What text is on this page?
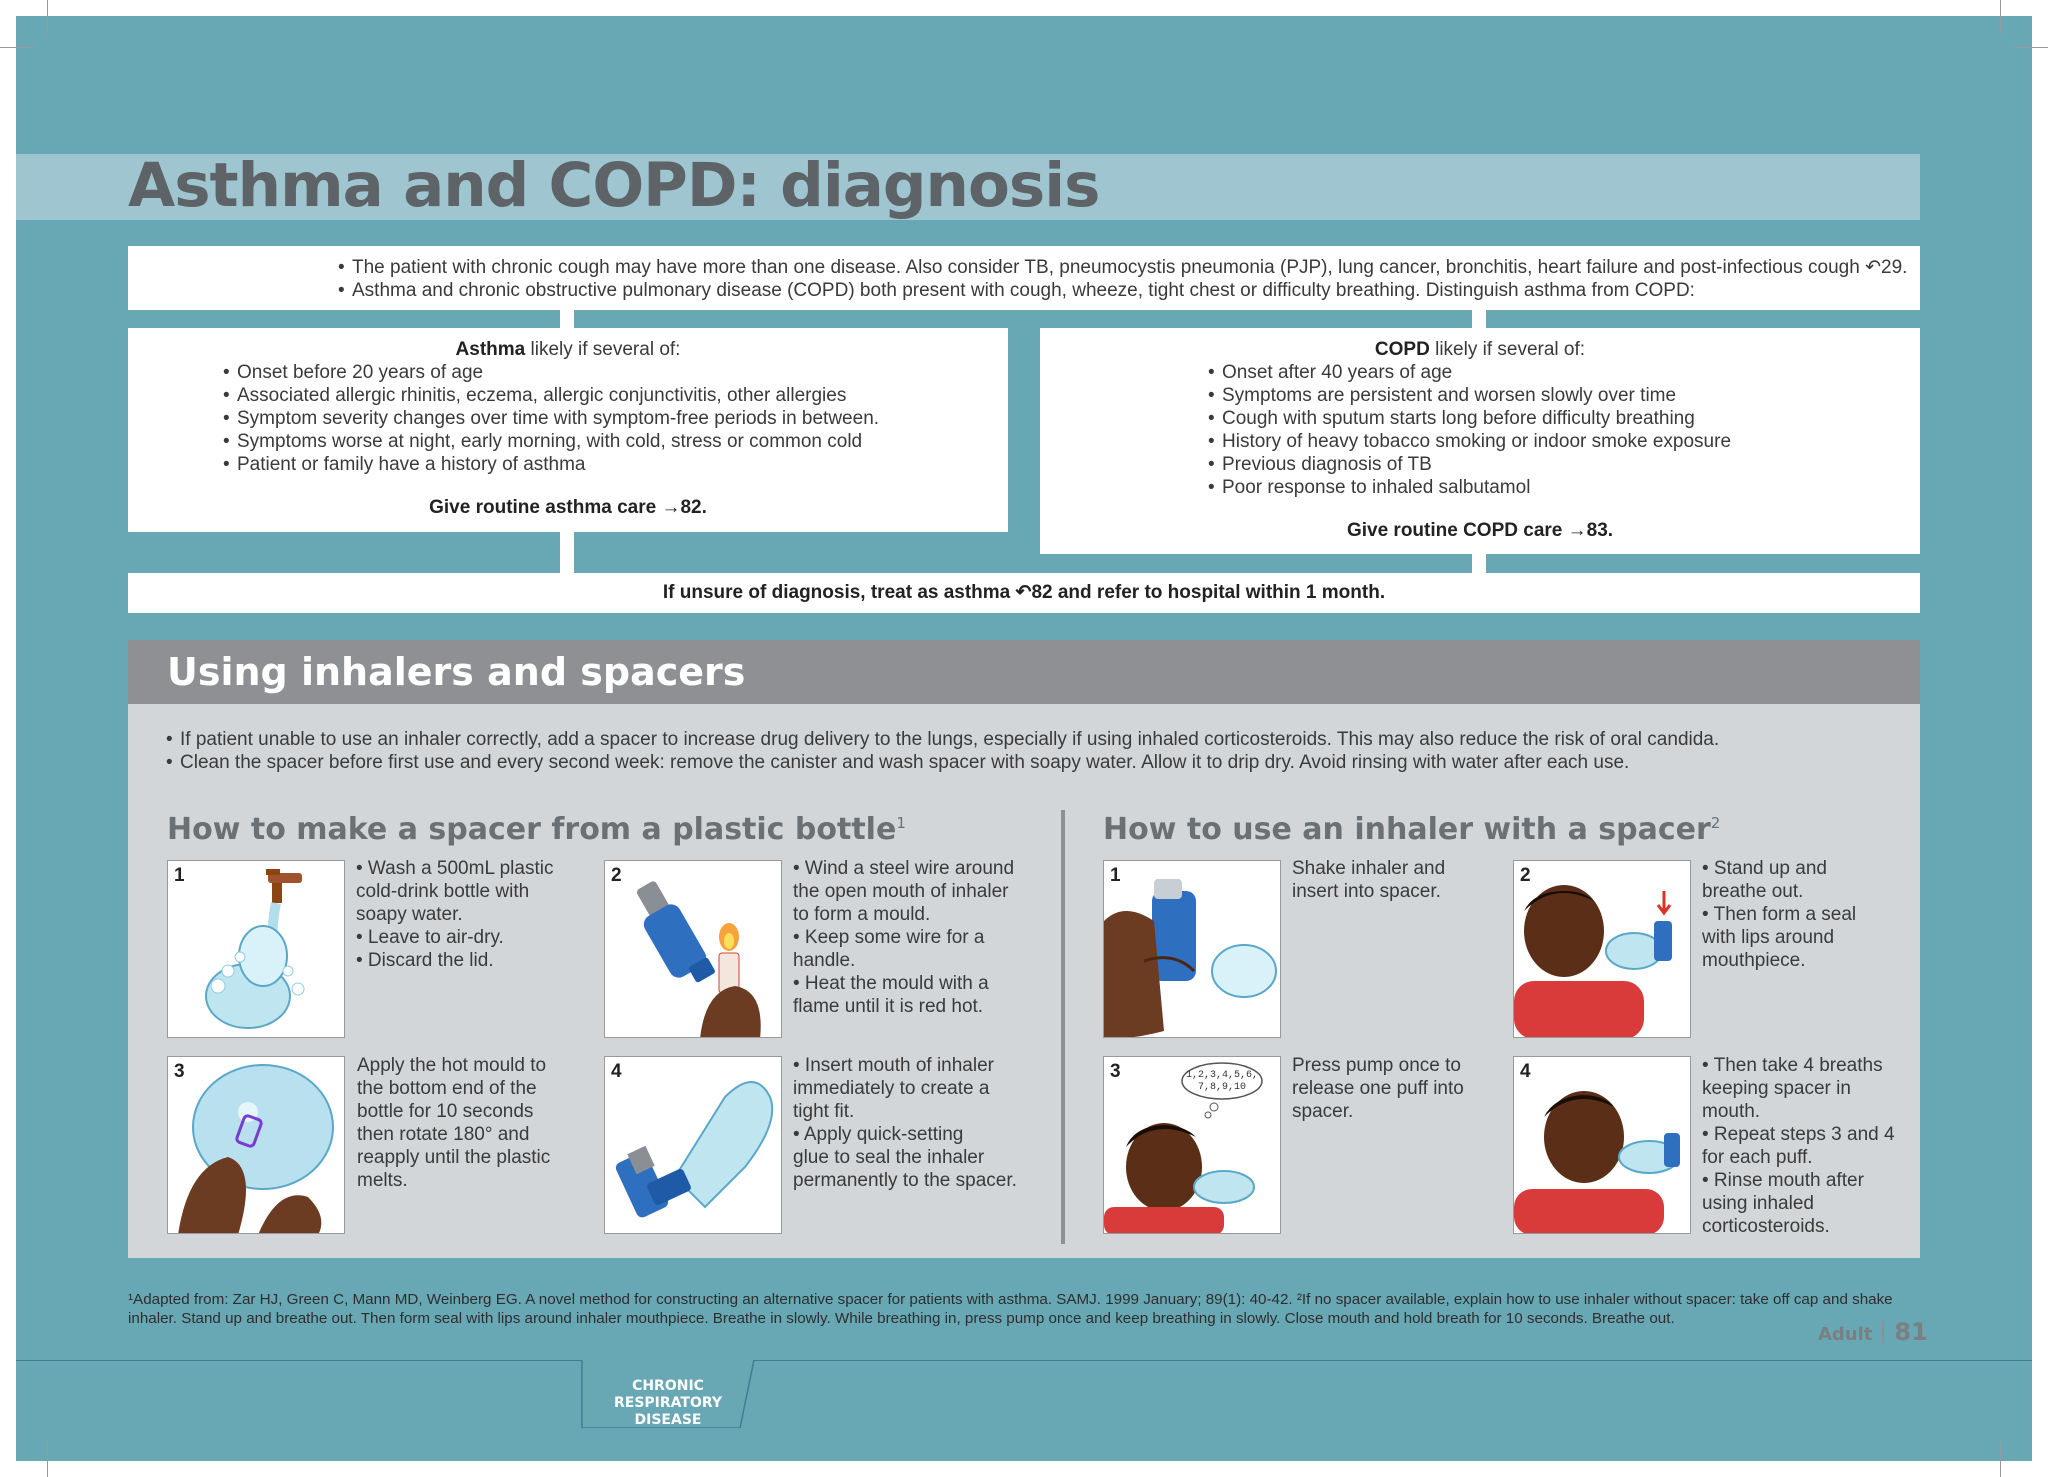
Asthma and COPD: diagnosis
• The patient with chronic cough may have more than one disease. Also consider TB, pneumocystis pneumonia (PJP), lung cancer, bronchitis, heart failure and post-infectious cough ↶29.
• Asthma and chronic obstructive pulmonary disease (COPD) both present with cough, wheeze, tight chest or difficulty breathing. Distinguish asthma from COPD:
Asthma likely if several of:
• Onset before 20 years of age
• Associated allergic rhinitis, eczema, allergic conjunctivitis, other allergies
• Symptom severity changes over time with symptom-free periods in between.
• Symptoms worse at night, early morning, with cold, stress or common cold
• Patient or family have a history of asthma
Give routine asthma care →82.
COPD likely if several of:
• Onset after 40 years of age
• Symptoms are persistent and worsen slowly over time
• Cough with sputum starts long before difficulty breathing
• History of heavy tobacco smoking or indoor smoke exposure
• Previous diagnosis of TB
• Poor response to inhaled salbutamol
Give routine COPD care →83.
If unsure of diagnosis, treat as asthma ↶82 and refer to hospital within 1 month.
Using inhalers and spacers
• If patient unable to use an inhaler correctly, add a spacer to increase drug delivery to the lungs, especially if using inhaled corticosteroids. This may also reduce the risk of oral candida.
• Clean the spacer before first use and every second week: remove the canister and wash spacer with soapy water. Allow it to drip dry. Avoid rinsing with water after each use.
How to make a spacer from a plastic bottle$^1$	How to use an inhaler with a spacer$^2$
1	2
3	4

• Wash a 500mL plastic

cold-drink bottle with

soapy water.

• Leave to air-dry.

• Discard the lid.

• Wind a steel wire around

the open mouth of inhaler

to form a mould.

• Keep some wire for a

handle.

• Heat the mould with a

flame until it is red hot.

Apply the hot mould to

the bottom end of the

bottle for 10 seconds

then rotate 180° and

reapply until the plastic

melts.

• Insert mouth of inhaler

immediately to create a

tight fit.

• Apply quick-setting

glue to seal the inhaler

permanently to the spacer.

1	2
3	1,2,3,4,5,6,
7,8,9,10
4

Shake inhaler and

insert into spacer.

• Stand up and

breathe out.

• Then form a seal

with lips around

mouthpiece.

Press pump once to

release one puff into

spacer.

• Then take 4 breaths

keeping spacer in

mouth.

• Repeat steps 3 and 4

for each puff.

• Rinse mouth after

using inhaled

corticosteroids.

¹Adapted from: Zar HJ, Green C, Mann MD, Weinberg EG. A novel method for constructing an alternative spacer for patients with asthma. SAMJ. 1999 January; 89(1): 40-42. ²If no spacer available, explain how to use inhaler without spacer: take off cap and shake inhaler. Stand up and breathe out. Then form seal with lips around inhaler mouthpiece. Breathe in slowly. While breathing in, press pump once and keep breathing in slowly. Close mouth and hold breath for 10 seconds. Breathe out.

Adult 81
CHRONIC RESPIRATORY
DISEASE
